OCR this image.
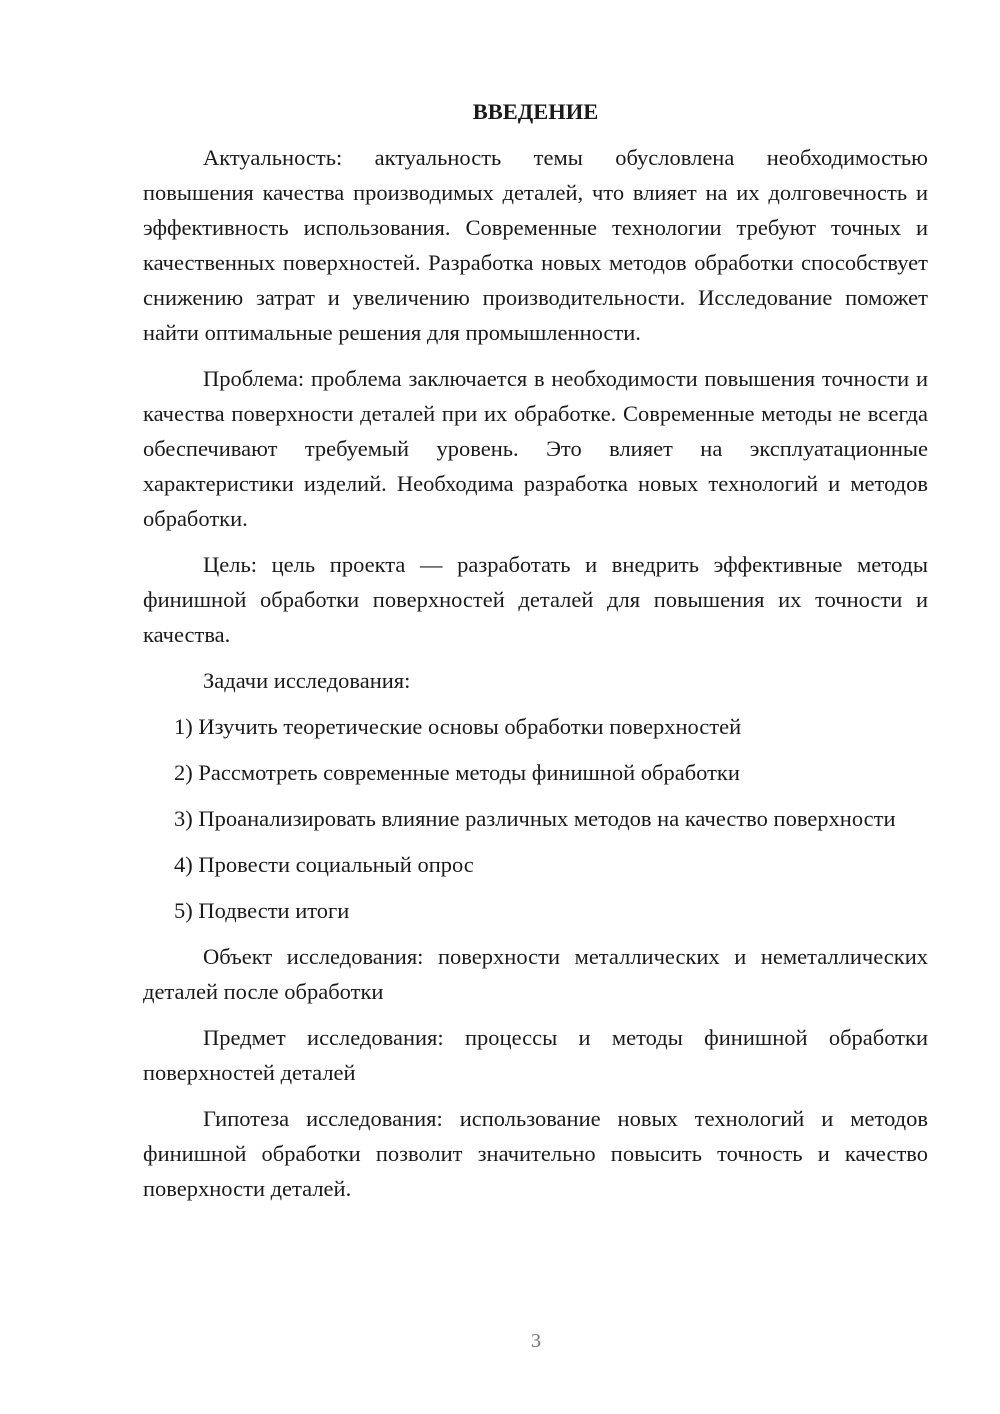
ВВЕДЕНИЕ

Актуальность: актуальность темы обусловлена необходимостью повышения качества производимых деталей, что влияет на их долговечность и эффективность использования. Современные технологии требуют точных и качественных поверхностей. Разработка новых методов обработки способствует снижению затрат и увеличению производительности. Исследование поможет найти оптимальные решения для промышленности.

Проблема: проблема заключается в необходимости повышения точности и качества поверхности деталей при их обработке. Современные методы не всегда обеспечивают требуемый уровень. Это влияет на эксплуатационные характеристики изделий. Необходима разработка новых технологий и методов обработки.

Цель: цель проекта — разработать и внедрить эффективные методы финишной обработки поверхностей деталей для повышения их точности и качества.

Задачи исследования:

1) Изучить теоретические основы обработки поверхностей

2) Рассмотреть современные методы финишной обработки

3) Проанализировать влияние различных методов на качество поверхности

4) Провести социальный опрос

5) Подвести итоги

Объект исследования: поверхности металлических и неметаллических деталей после обработки

Предмет исследования: процессы и методы финишной обработки поверхностей деталей

Гипотеза исследования: использование новых технологий и методов финишной обработки позволит значительно повысить точность и качество поверхности деталей.

3
